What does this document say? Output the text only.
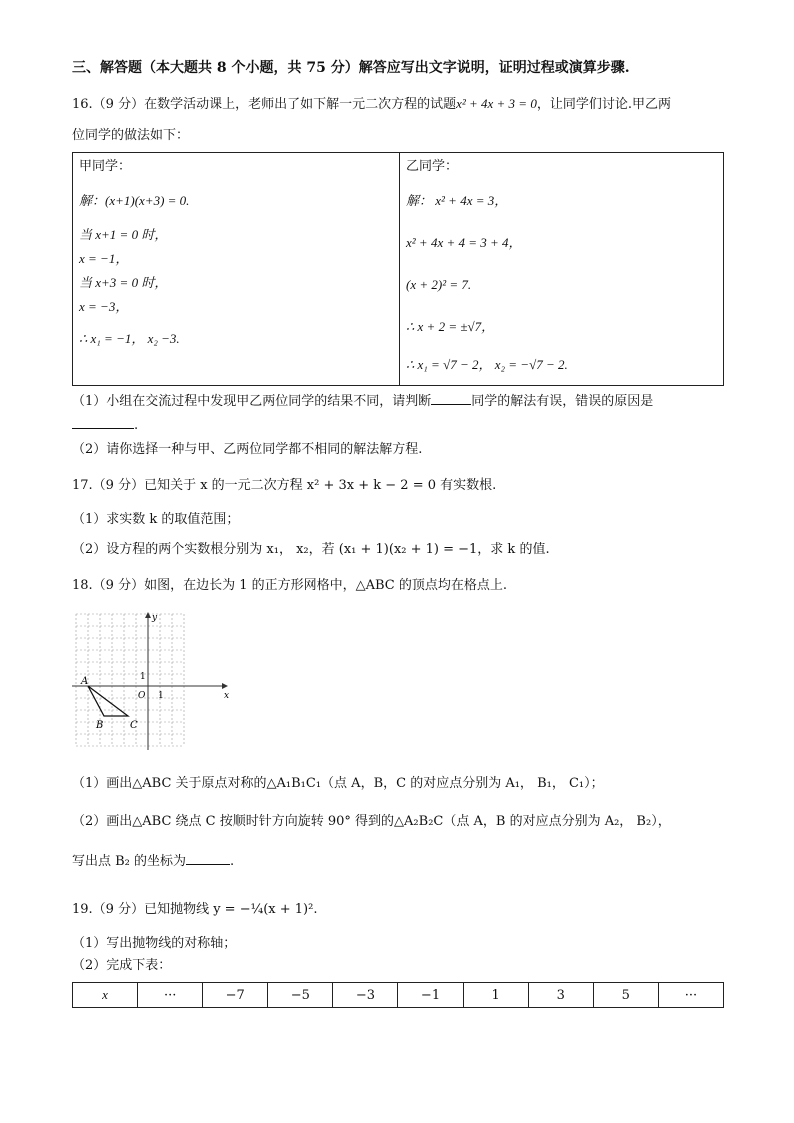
三、解答题（本大题共 8 个小题，共 75 分）解答应写出文字说明，证明过程或演算步骤.
16.（9 分）在数学活动课上，老师出了如下解一元二次方程的试题x² + 4x + 3 = 0，让同学们讨论.甲乙两
位同学的做法如下：
甲同学：
解：(x+1)(x+3) = 0.
当 x+1 = 0 时，
x = −1，
当 x+3 = 0 时，
x = −3，
∴ x₁ = −1， x₂ −3.
乙同学：
解： x² + 4x = 3，
x² + 4x + 4 = 3 + 4，
(x + 2)² = 7.
∴ x + 2 = ±√7，
∴ x₁ = √7 − 2， x₂ = −√7 − 2.
（1）小组在交流过程中发现甲乙两位同学的结果不同，请判断	同学的解法有误，错误的原因是
.
（2）请你选择一种与甲、乙两位同学都不相同的解法解方程.
17.（9 分）已知关于 x 的一元二次方程 x² + 3x + k − 2 = 0 有实数根.
（1）求实数 k 的取值范围；
（2）设方程的两个实数根分别为 x₁， x₂，若 (x₁ + 1)(x₂ + 1) = −1，求 k 的值.
18.（9 分）如图，在边长为 1 的正方形网格中，△ABC 的顶点均在格点上.
x
y
O 1
1
A
B	C
（1）画出△ABC 关于原点对称的△A₁B₁C₁（点 A，B，C 的对应点分别为 A₁， B₁， C₁）；
（2）画出△ABC 绕点 C 按顺时针方向旋转 90° 得到的△A₂B₂C（点 A，B 的对应点分别为 A₂， B₂），
写出点 B₂ 的坐标为	.
19.（9 分）已知抛物线 y = −¼(x + 1)².
（1）写出抛物线的对称轴；
（2）完成下表：
x	···	−7	−5	−3	−1	1	3	5	···
